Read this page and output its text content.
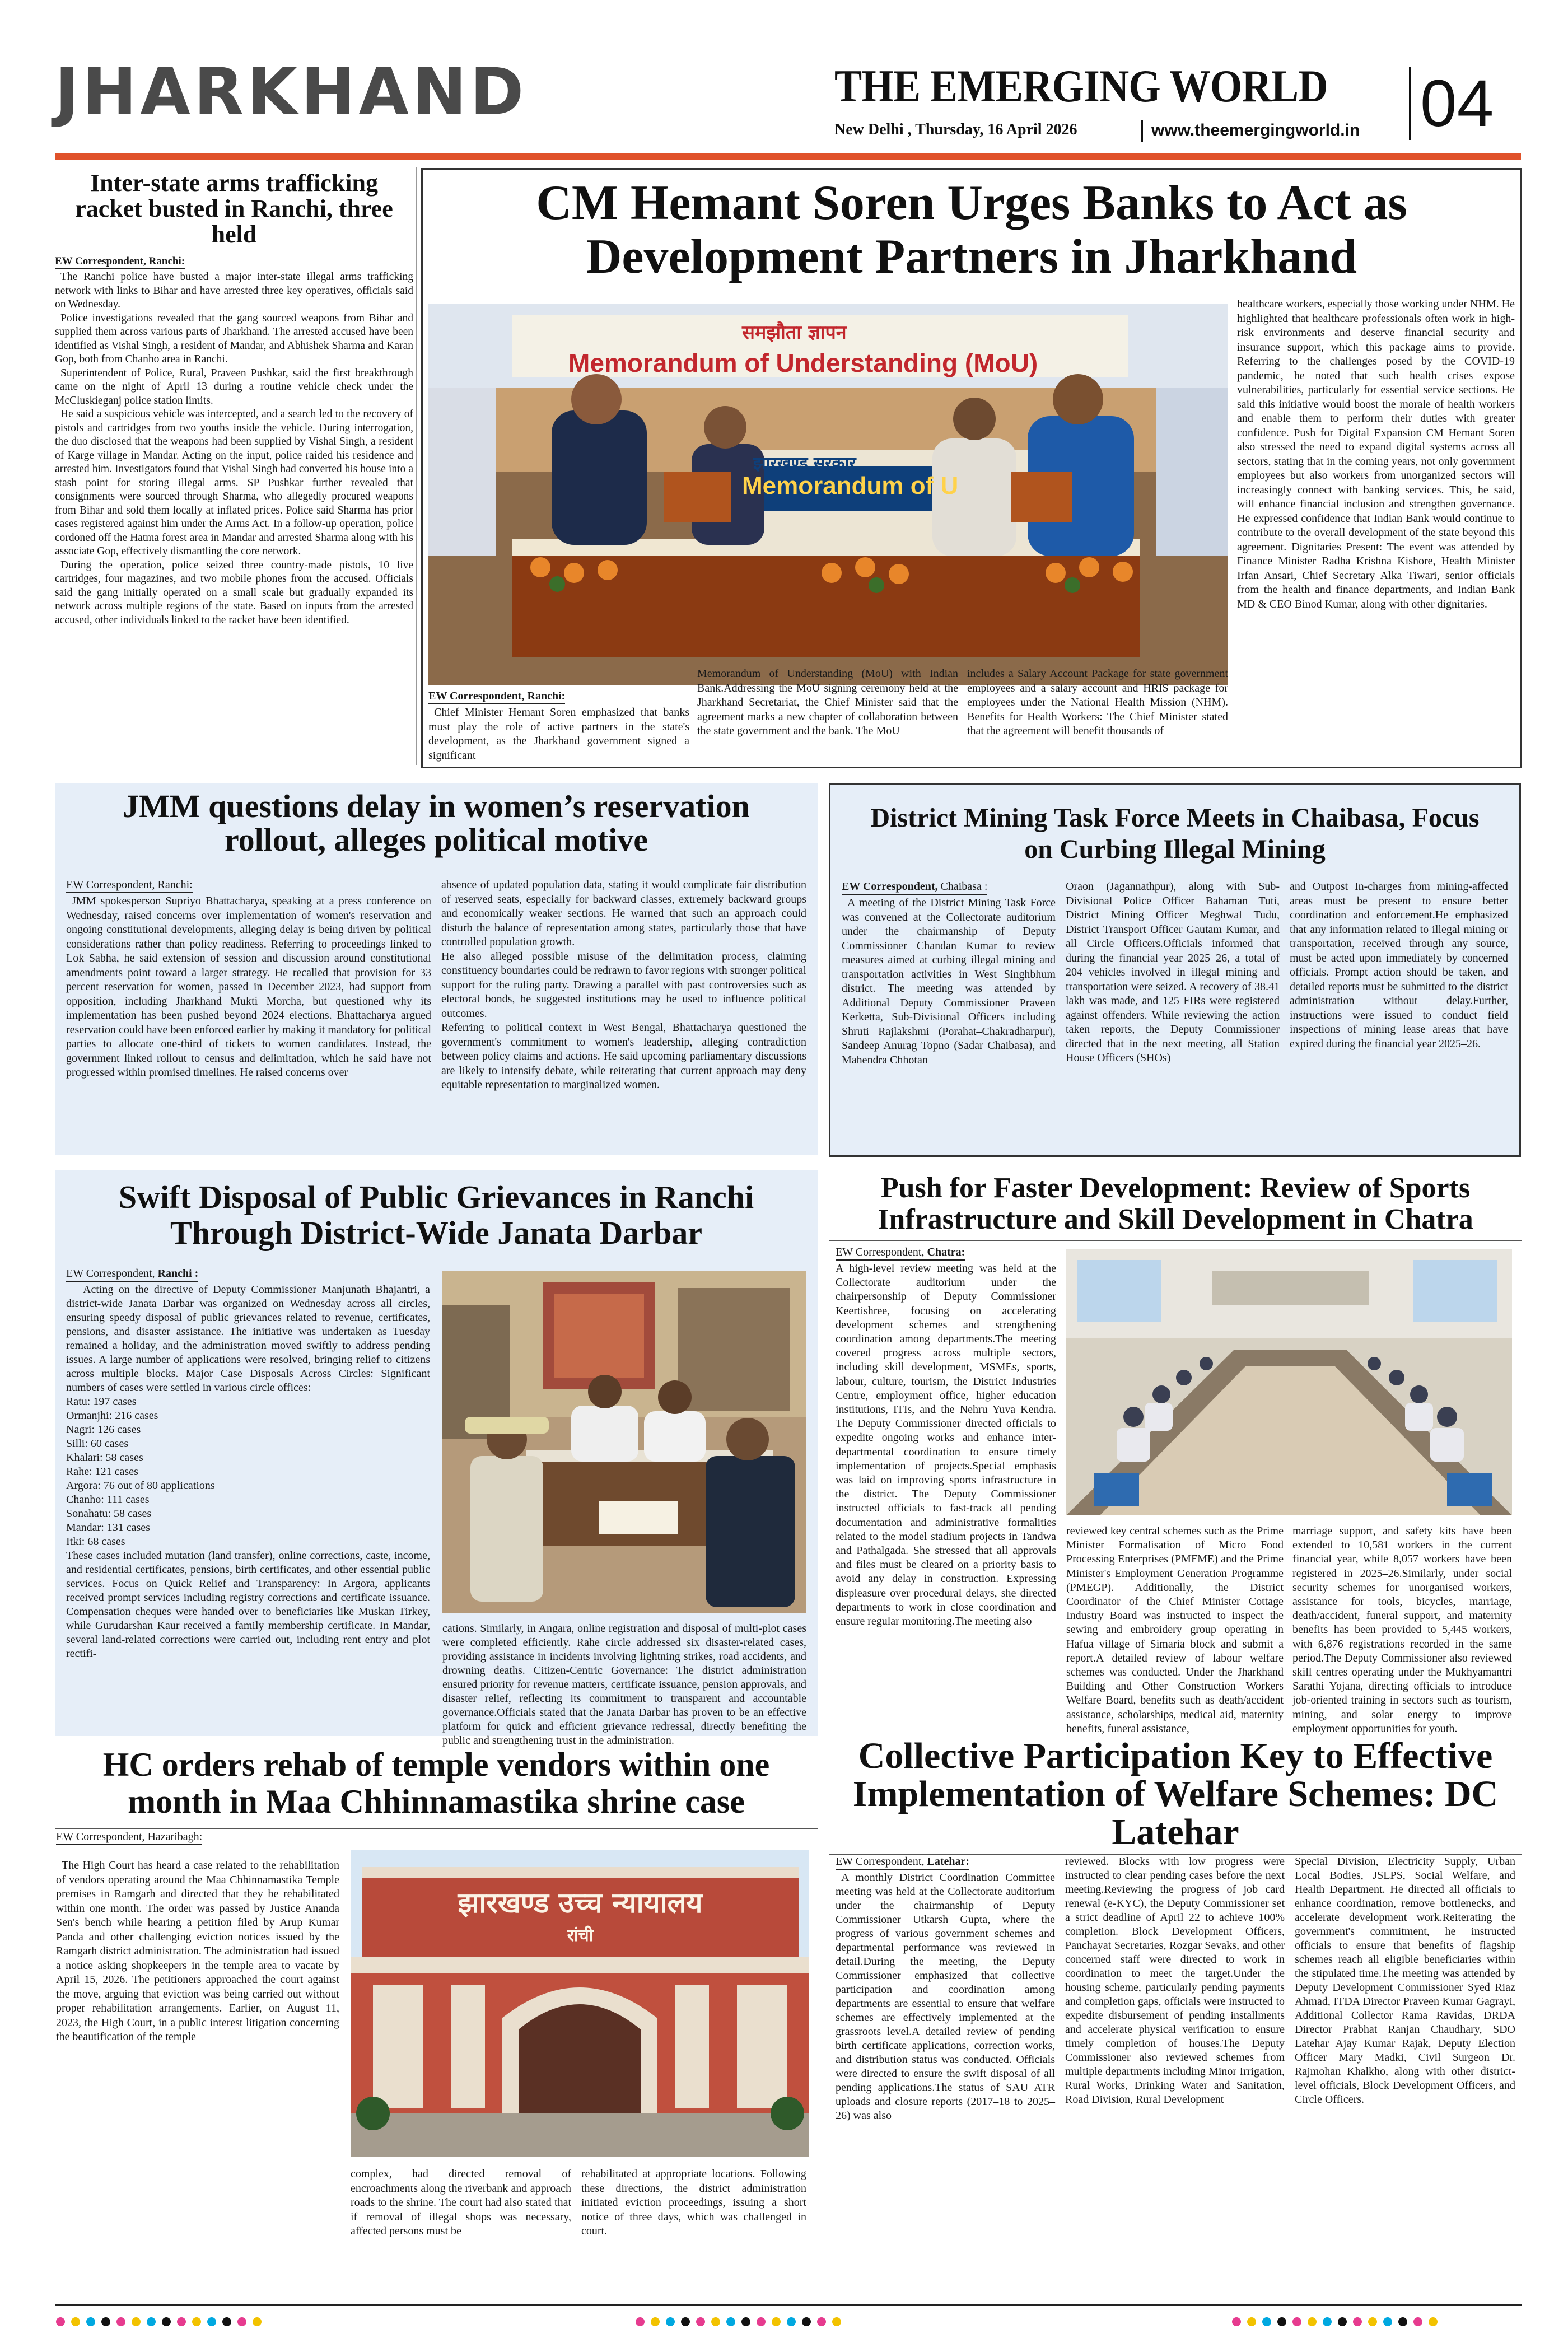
JHARKHAND	THE EMERGING WORLD
New Delhi , Thursday, 16 April 2026	www.theemergingworld.in 04
Inter-state arms trafficking racket busted in Ranchi, three held
EW Correspondent, Ranchi:

The Ranchi police have busted a major inter-state illegal arms trafficking network with links to Bihar and have arrested three key operatives, officials said on Wednesday.

Police investigations revealed that the gang sourced weapons from Bihar and supplied them across various parts of Jharkhand. The arrested accused have been identified as Vishal Singh, a resident of Mandar, and Abhishek Sharma and Karan Gop, both from Chanho area in Ranchi.

Superintendent of Police, Rural, Praveen Pushkar, said the first breakthrough came on the night of April 13 during a routine vehicle check under the McCluskieganj police station limits.

He said a suspicious vehicle was intercepted, and a search led to the recovery of pistols and cartridges from two youths inside the vehicle. During interrogation, the duo disclosed that the weapons had been supplied by Vishal Singh, a resident of Karge village in Mandar. Acting on the input, police raided his residence and arrested him. Investigators found that Vishal Singh had converted his house into a stash point for storing illegal arms. SP Pushkar further revealed that consignments were sourced through Sharma, who allegedly procured weapons from Bihar and sold them locally at inflated prices. Police said Sharma has prior cases registered against him under the Arms Act. In a follow-up operation, police cordoned off the Hatma forest area in Mandar and arrested Sharma along with his associate Gop, effectively dismantling the core network.

During the operation, police seized three country-made pistols, 10 live cartridges, four magazines, and two mobile phones from the accused. Officials said the gang initially operated on a small scale but gradually expanded its network across multiple regions of the state. Based on inputs from the arrested accused, other individuals linked to the racket have been identified.

CM Hemant Soren Urges Banks to Act as Development Partners in Jharkhand
समझौता ज्ञापन
Memorandum of Understanding (MoU)
झारखण्ड सरकार
Memorandum of U
EW Correspondent, Ranchi:

Chief Minister Hemant Soren emphasized that banks must play the role of active partners in the state's development, as the Jharkhand government signed a significant

Memorandum of Understanding (MoU) with Indian Bank.Addressing the MoU signing ceremony held at the Jharkhand Secretariat, the Chief Minister said that the agreement marks a new chapter of collaboration between the state government and the bank. The MoU
includes a Salary Account Package for state government employees and a salary account and HRIS package for employees under the National Health Mission (NHM). Benefits for Health Workers: The Chief Minister stated that the agreement will benefit thousands of
healthcare workers, especially those working under NHM. He highlighted that healthcare professionals often work in high-risk environments and deserve financial security and insurance support, which this package aims to provide. Referring to the challenges posed by the COVID-19 pandemic, he noted that such health crises expose vulnerabilities, particularly for essential service sections. He said this initiative would boost the morale of health workers and enable them to perform their duties with greater confidence. Push for Digital Expansion CM Hemant Soren also stressed the need to expand digital systems across all sectors, stating that in the coming years, not only government employees but also workers from unorganized sectors will increasingly connect with banking services. This, he said, will enhance financial inclusion and strengthen governance. He expressed confidence that Indian Bank would continue to contribute to the overall development of the state beyond this agreement. Dignitaries Present: The event was attended by Finance Minister Radha Krishna Kishore, Health Minister Irfan Ansari, Chief Secretary Alka Tiwari, senior officials from the health and finance departments, and Indian Bank MD & CEO Binod Kumar, along with other dignitaries.
JMM questions delay in women’s reservation rollout, alleges political motive
EW Correspondent, Ranchi:

JMM spokesperson Supriyo Bhattacharya, speaking at a press conference on Wednesday, raised concerns over implementation of women's reservation and ongoing constitutional developments, alleging delay is being driven by political considerations rather than policy readiness. Referring to proceedings linked to Lok Sabha, he said extension of session and discussion around constitutional amendments point toward a larger strategy. He recalled that provision for 33 percent reservation for women, passed in December 2023, had support from opposition, including Jharkhand Mukti Morcha, but questioned why its implementation has been pushed beyond 2024 elections. Bhattacharya argued reservation could have been enforced earlier by making it mandatory for political parties to allocate one-third of tickets to women candidates. Instead, the government linked rollout to census and delimitation, which he said have not progressed within promised timelines. He raised concerns over

absence of updated population data, stating it would complicate fair distribution of reserved seats, especially for backward classes, extremely backward groups and economically weaker sections. He warned that such an approach could disturb the balance of representation among states, particularly those that have controlled population growth.

He also alleged possible misuse of the delimitation process, claiming constituency boundaries could be redrawn to favor regions with stronger political support for the ruling party. Drawing a parallel with past controversies such as electoral bonds, he suggested institutions may be used to influence political outcomes.

Referring to political context in West Bengal, Bhattacharya questioned the government's commitment to women's leadership, alleging contradiction between policy claims and actions. He said upcoming parliamentary discussions are likely to intensify debate, while reiterating that current approach may deny equitable representation to marginalized women.

District Mining Task Force Meets in Chaibasa, Focus on Curbing Illegal Mining
EW Correspondent, Chaibasa :

A meeting of the District Mining Task Force was convened at the Collectorate auditorium under the chairmanship of Deputy Commissioner Chandan Kumar to review measures aimed at curbing illegal mining and transportation activities in West Singhbhum district. The meeting was attended by Additional Deputy Commissioner Praveen Kerketta, Sub-Divisional Officers including Shruti Rajlakshmi (Porahat–Chakradharpur), Sandeep Anurag Topno (Sadar Chaibasa), and Mahendra Chhotan

Oraon (Jagannathpur), along with Sub-Divisional Police Officer Bahaman Tuti, District Mining Officer Meghwal Tudu, District Transport Officer Gautam Kumar, and all Circle Officers.Officials informed that during the financial year 2025–26, a total of 204 vehicles involved in illegal mining and transportation were seized. A recovery of 38.41 lakh was made, and 125 FIRs were registered against offenders. While reviewing the action taken reports, the Deputy Commissioner directed that in the next meeting, all Station House Officers (SHOs)
and Outpost In-charges from mining-affected areas must be present to ensure better coordination and enforcement.He emphasized that any information related to illegal mining or transportation, received through any source, must be acted upon immediately by concerned officials. Prompt action should be taken, and detailed reports must be submitted to the district administration without delay.Further, instructions were issued to conduct field inspections of mining lease areas that have expired during the financial year 2025–26.
Swift Disposal of Public Grievances in Ranchi Through District-Wide Janata Darbar
EW Correspondent, Ranchi :

Acting on the directive of Deputy Commissioner Manjunath Bhajantri, a district-wide Janata Darbar was organized on Wednesday across all circles, ensuring speedy disposal of public grievances related to revenue, certificates, pensions, and disaster assistance. The initiative was undertaken as Tuesday remained a holiday, and the administration moved swiftly to address pending issues. A large number of applications were resolved, bringing relief to citizens across multiple blocks. Major Case Disposals Across Circles: Significant numbers of cases were settled in various circle offices:

Ratu: 197 cases
Ormanjhi: 216 cases
Nagri: 126 cases
Silli: 60 cases
Khalari: 58 cases
Rahe: 121 cases
Argora: 76 out of 80 applications
Chanho: 111 cases
Sonahatu: 58 cases
Mandar: 131 cases
Itki: 68 cases

These cases included mutation (land transfer), online corrections, caste, income, and residential certificates, pensions, birth certificates, and other essential public services. Focus on Quick Relief and Transparency: In Argora, applicants received prompt services including registry corrections and certificate issuance. Compensation cheques were handed over to beneficiaries like Muskan Tirkey, while Gurudarshan Kaur received a family membership certificate. In Mandar, several land-related corrections were carried out, including rent entry and plot rectifi-

cations. Similarly, in Angara, online registration and disposal of multi-plot cases were completed efficiently. Rahe circle addressed six disaster-related cases, providing assistance in incidents involving lightning strikes, road accidents, and drowning deaths. Citizen-Centric Governance: The district administration ensured priority for revenue matters, certificate issuance, pension approvals, and disaster relief, reflecting its commitment to transparent and accountable governance.Officials stated that the Janata Darbar has proven to be an effective platform for quick and efficient grievance redressal, directly benefiting the public and strengthening trust in the administration.
Push for Faster Development: Review of Sports Infrastructure and Skill Development in Chatra
EW Correspondent, Chatra:

A high-level review meeting was held at the Collectorate auditorium under the chairpersonship of Deputy Commissioner Keertishree, focusing on accelerating development schemes and strengthening coordination among departments.The meeting covered progress across multiple sectors, including skill development, MSMEs, sports, labour, culture, tourism, the District Industries Centre, employment office, higher education institutions, ITIs, and the Nehru Yuva Kendra. The Deputy Commissioner directed officials to expedite ongoing works and enhance inter-departmental coordination to ensure timely implementation of projects.Special emphasis was laid on improving sports infrastructure in the district. The Deputy Commissioner instructed officials to fast-track all pending documentation and administrative formalities related to the model stadium projects in Tandwa and Pathalgada. She stressed that all approvals and files must be cleared on a priority basis to avoid any delay in construction. Expressing displeasure over procedural delays, she directed departments to work in close coordination and ensure regular monitoring.The meeting also

reviewed key central schemes such as the Prime Minister Formalisation of Micro Food Processing Enterprises (PMFME) and the Prime Minister's Employment Generation Programme (PMEGP). Additionally, the District Coordinator of the Chief Minister Cottage Industry Board was instructed to inspect the sewing and embroidery group operating in Hafua village of Simaria block and submit a report.A detailed review of labour welfare schemes was conducted. Under the Jharkhand Building and Other Construction Workers Welfare Board, benefits such as death/accident assistance, scholarships, medical aid, maternity benefits, funeral assistance,
marriage support, and safety kits have been extended to 10,581 workers in the current financial year, while 8,057 workers have been registered in 2025–26.Similarly, under social security schemes for unorganised workers, assistance for tools, bicycles, marriage, death/accident, funeral support, and maternity benefits has been provided to 5,445 workers, with 6,876 registrations recorded in the same period.The Deputy Commissioner also reviewed skill centres operating under the Mukhyamantri Sarathi Yojana, directing officials to introduce job-oriented training in sectors such as tourism, mining, and solar energy to improve employment opportunities for youth.
HC orders rehab of temple vendors within one month in Maa Chhinnamastika shrine case
EW Correspondent, Hazaribagh:

The High Court has heard a case related to the rehabilitation of vendors operating around the Maa Chhinnamastika Temple premises in Ramgarh and directed that they be rehabilitated within one month. The order was passed by Justice Ananda Sen's bench while hearing a petition filed by Arup Kumar Panda and other challenging eviction notices issued by the Ramgarh district administration. The administration had issued a notice asking shopkeepers in the temple area to vacate by April 15, 2026. The petitioners approached the court against the move, arguing that eviction was being carried out without proper rehabilitation arrangements. Earlier, on August 11, 2023, the High Court, in a public interest litigation concerning the beautification of the temple

झारखण्ड उच्च न्यायालय
रांची
complex, had directed removal of encroachments along the riverbank and approach roads to the shrine. The court had also stated that if removal of illegal shops was necessary, affected persons must be
rehabilitated at appropriate locations. Following these directions, the district administration initiated eviction proceedings, issuing a short notice of three days, which was challenged in court.
Collective Participation Key to Effective Implementation of Welfare Schemes: DC Latehar
EW Correspondent, Latehar:

A monthly District Coordination Committee meeting was held at the Collectorate auditorium under the chairmanship of Deputy Commissioner Utkarsh Gupta, where the progress of various government schemes and departmental performance was reviewed in detail.During the meeting, the Deputy Commissioner emphasized that collective participation and coordination among departments are essential to ensure that welfare schemes are effectively implemented at the grassroots level.A detailed review of pending birth certificate applications, correction works, and distribution status was conducted. Officials were directed to ensure the swift disposal of all pending applications.The status of SAU ATR uploads and closure reports (2017–18 to 2025–26) was also

reviewed. Blocks with low progress were instructed to clear pending cases before the next meeting.Reviewing the progress of job card renewal (e-KYC), the Deputy Commissioner set a strict deadline of April 22 to achieve 100% completion. Block Development Officers, Panchayat Secretaries, Rozgar Sevaks, and other concerned staff were directed to work in coordination to meet the target.Under the housing scheme, particularly pending payments and completion gaps, officials were instructed to expedite disbursement of pending installments and accelerate physical verification to ensure timely completion of houses.The Deputy Commissioner also reviewed schemes from multiple departments including Minor Irrigation, Rural Works, Drinking Water and Sanitation, Road Division, Rural Development
Special Division, Electricity Supply, Urban Local Bodies, JSLPS, Social Welfare, and Health Department. He directed all officials to enhance coordination, remove bottlenecks, and accelerate development work.Reiterating the government's commitment, he instructed officials to ensure that benefits of flagship schemes reach all eligible beneficiaries within the stipulated time.The meeting was attended by Deputy Development Commissioner Syed Riaz Ahmad, ITDA Director Praveen Kumar Gagrayi, Additional Collector Rama Ravidas, DRDA Director Prabhat Ranjan Chaudhary, SDO Latehar Ajay Kumar Rajak, Deputy Election Officer Mary Madki, Civil Surgeon Dr. Rajmohan Khalkho, along with other district-level officials, Block Development Officers, and Circle Officers.
